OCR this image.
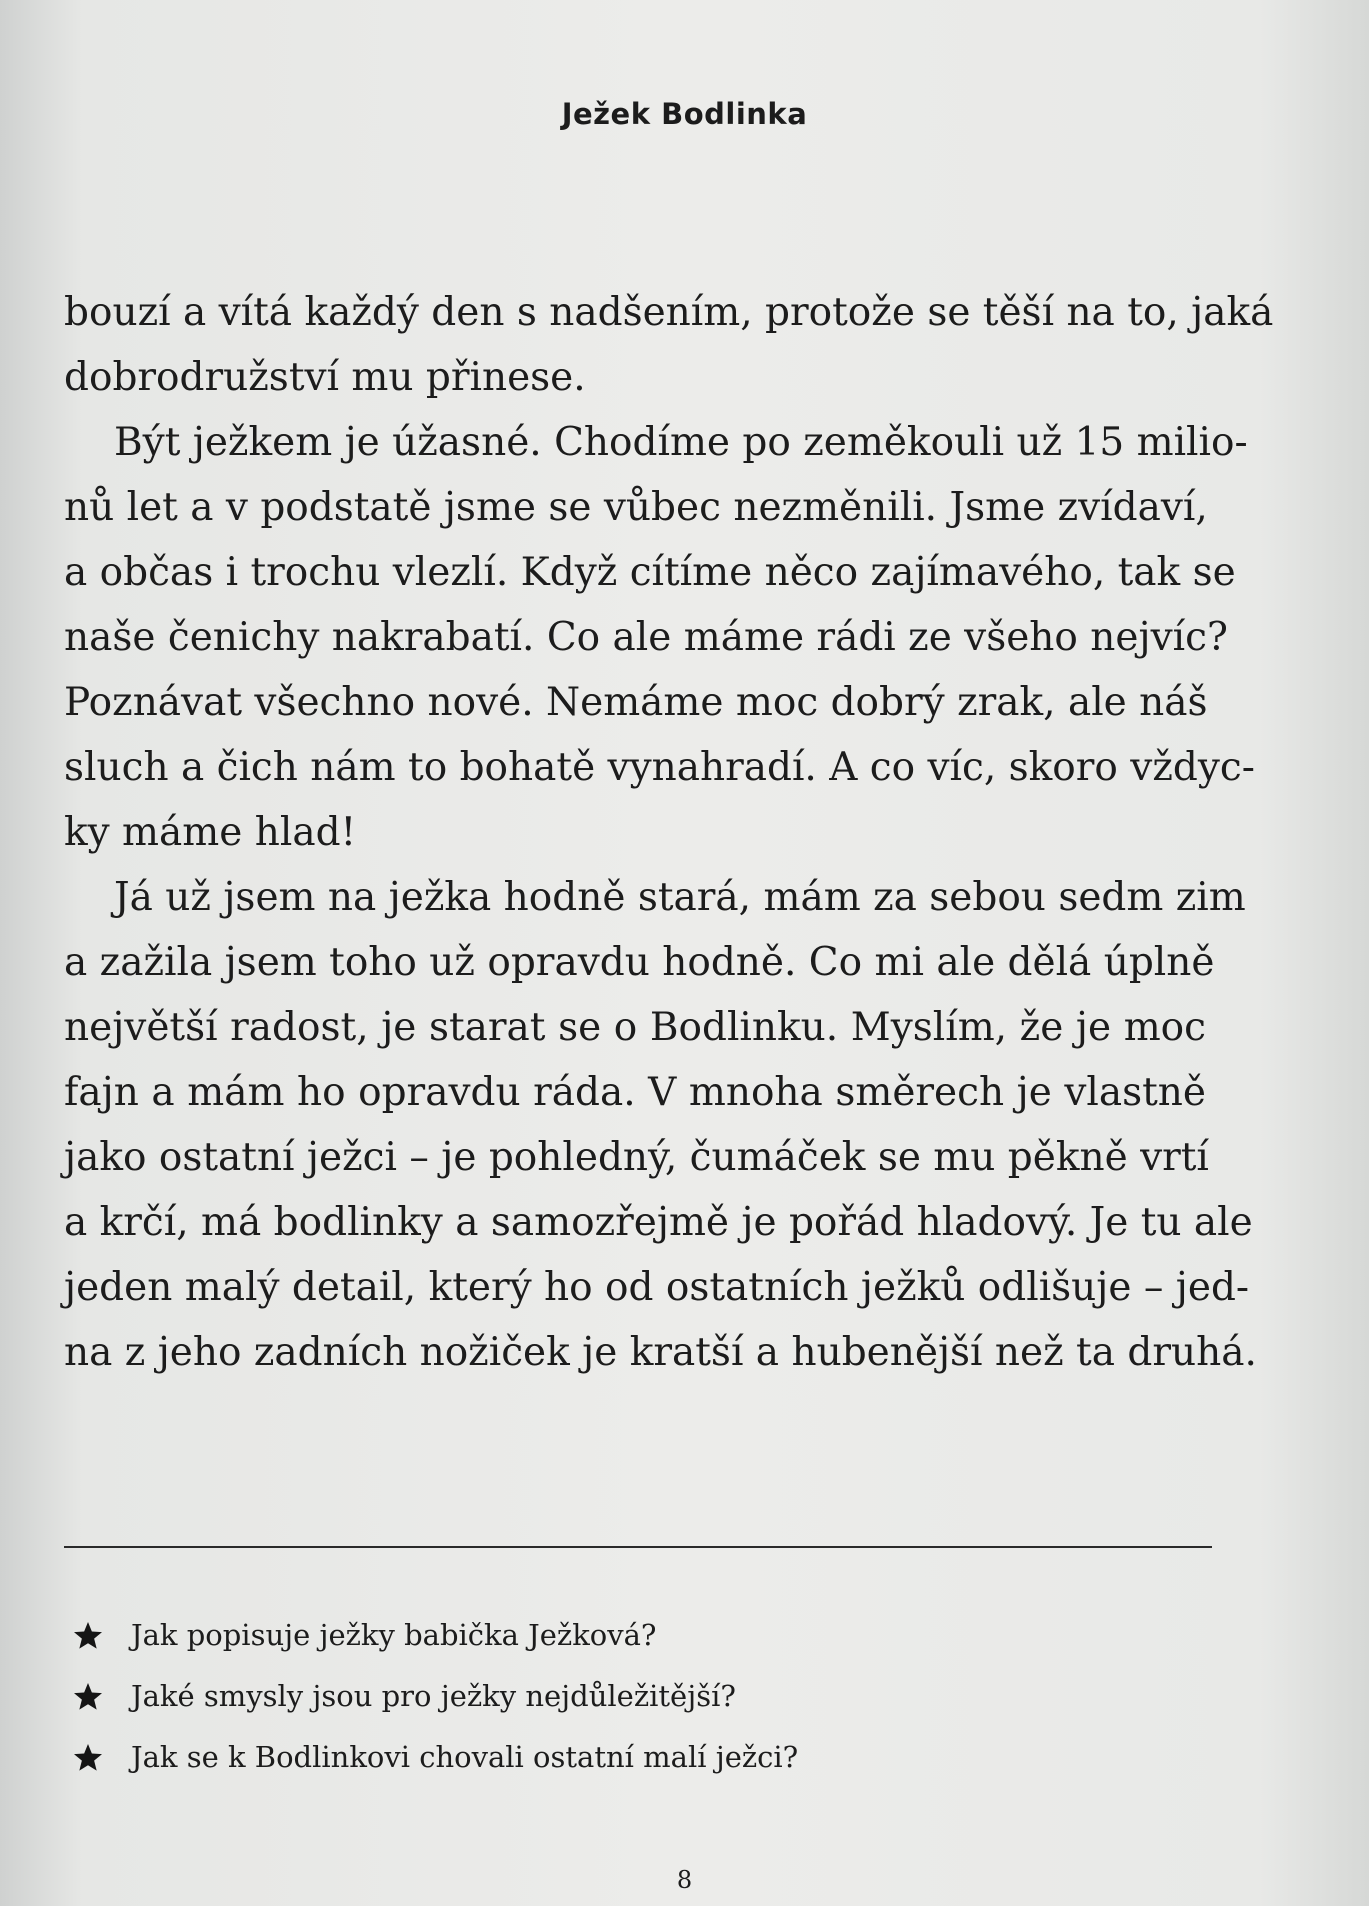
Ježek Bodlinka
bouzí a vítá každý den s nadšením, protože se těší na to, jaká
dobrodružství mu přinese.
Být ježkem je úžasné. Chodíme po zeměkouli už 15 milio-
nů let a v podstatě jsme se vůbec nezměnili. Jsme zvídaví,
a občas i trochu vlezlí. Když cítíme něco zajímavého, tak se
naše čenichy nakrabatí. Co ale máme rádi ze všeho nejvíc?
Poznávat všechno nové. Nemáme moc dobrý zrak, ale náš
sluch a čich nám to bohatě vynahradí. A co víc, skoro vždyc-
ky máme hlad!
Já už jsem na ježka hodně stará, mám za sebou sedm zim
a zažila jsem toho už opravdu hodně. Co mi ale dělá úplně
největší radost, je starat se o Bodlinku. Myslím, že je moc
fajn a mám ho opravdu ráda. V mnoha směrech je vlastně
jako ostatní ježci – je pohledný, čumáček se mu pěkně vrtí
a krčí, má bodlinky a samozřejmě je pořád hladový. Je tu ale
jeden malý detail, který ho od ostatních ježků odlišuje – jed-
na z jeho zadních nožiček je kratší a hubenější než ta druhá.
Jak popisuje ježky babička Ježková?
Jaké smysly jsou pro ježky nejdůležitější?
Jak se k Bodlinkovi chovali ostatní malí ježci?
8
